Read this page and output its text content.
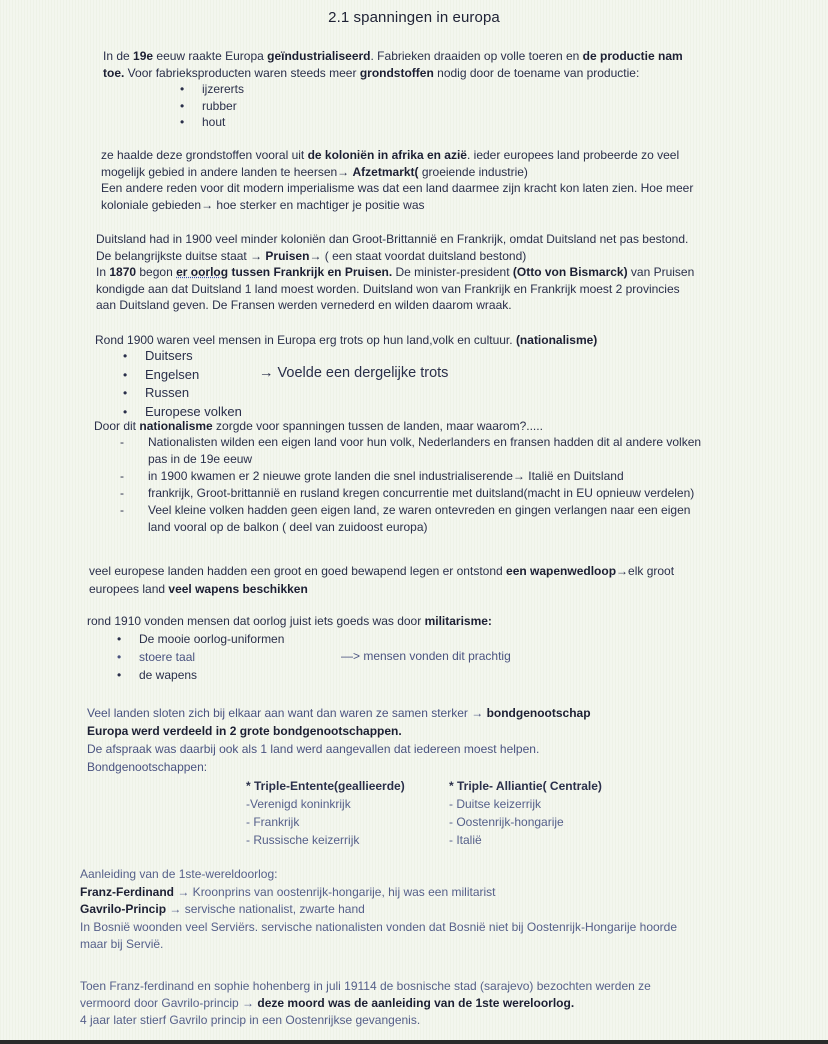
2.1 spanningen in europa
In de 19e eeuw raakte Europa geïndustrialiseerd. Fabrieken draaiden op volle toeren en de productie nam
toe. Voor fabrieksproducten waren steeds meer grondstoffen nodig door de toename van productie:
• ijzererts
• rubber
• hout
ze haalde deze grondstoffen vooral uit de koloniën in afrika en azië. ieder europees land probeerde zo veel
mogelijk gebied in andere landen te heersen→ Afzetmarkt( groeiende industrie)
Een andere reden voor dit modern imperialisme was dat een land daarmee zijn kracht kon laten zien. Hoe meer
koloniale gebieden→ hoe sterker en machtiger je positie was
Duitsland had in 1900 veel minder koloniën dan Groot-Brittannië en Frankrijk, omdat Duitsland net pas bestond.
De belangrijkste duitse staat → Pruisen→ ( een staat voordat duitsland bestond)
In 1870 begon er oorlog tussen Frankrijk en Pruisen. De minister-president (Otto von Bismarck) van Pruisen
kondigde aan dat Duitsland 1 land moest worden. Duitsland won van Frankrijk en Frankrijk moest 2 provincies
aan Duitsland geven. De Fransen werden vernederd en wilden daarom wraak.
Rond 1900 waren veel mensen in Europa erg trots op hun land,volk en cultuur. (nationalisme)
• Duitsers
• Engelsen
• Russen
• Europese volken
→ Voelde een dergelijke trots
Door dit nationalisme zorgde voor spanningen tussen de landen, maar waarom?.....
- Nationalisten wilden een eigen land voor hun volk, Nederlanders en fransen hadden dit al andere volken
pas in de 19e eeuw
- in 1900 kwamen er 2 nieuwe grote landen die snel industrialiserende→ Italië en Duitsland
- frankrijk, Groot-brittannië en rusland kregen concurrentie met duitsland(macht in EU opnieuw verdelen)
- Veel kleine volken hadden geen eigen land, ze waren ontevreden en gingen verlangen naar een eigen
land vooral op de balkon ( deel van zuidoost europa)
veel europese landen hadden een groot en goed bewapend legen er ontstond een wapenwedloop→elk groot
europees land veel wapens beschikken
rond 1910 vonden mensen dat oorlog juist iets goeds was door militarisme:
• De mooie oorlog-uniformen
• stoere taal
• de wapens
—> mensen vonden dit prachtig
Veel landen sloten zich bij elkaar aan want dan waren ze samen sterker → bondgenootschap
Europa werd verdeeld in 2 grote bondgenootschappen.
De afspraak was daarbij ook als 1 land werd aangevallen dat iedereen moest helpen.
Bondgenootschappen:
* Triple-Entente(geallieerde)
-Verenigd koninkrijk
- Frankrijk
- Russische keizerrijk
* Triple- Alliantie( Centrale)
- Duitse keizerrijk
- Oostenrijk-hongarije
- Italië
Aanleiding van de 1ste-wereldoorlog:
Franz-Ferdinand → Kroonprins van oostenrijk-hongarije, hij was een militarist
Gavrilo-Princip → servische nationalist, zwarte hand
In Bosnië woonden veel Serviërs. servische nationalisten vonden dat Bosnië niet bij Oostenrijk-Hongarije hoorde
maar bij Servië.
Toen Franz-ferdinand en sophie hohenberg in juli 19114 de bosnische stad (sarajevo) bezochten werden ze
vermoord door Gavrilo-princip → deze moord was de aanleiding van de 1ste wereloorlog.
4 jaar later stierf Gavrilo princip in een Oostenrijkse gevangenis.
